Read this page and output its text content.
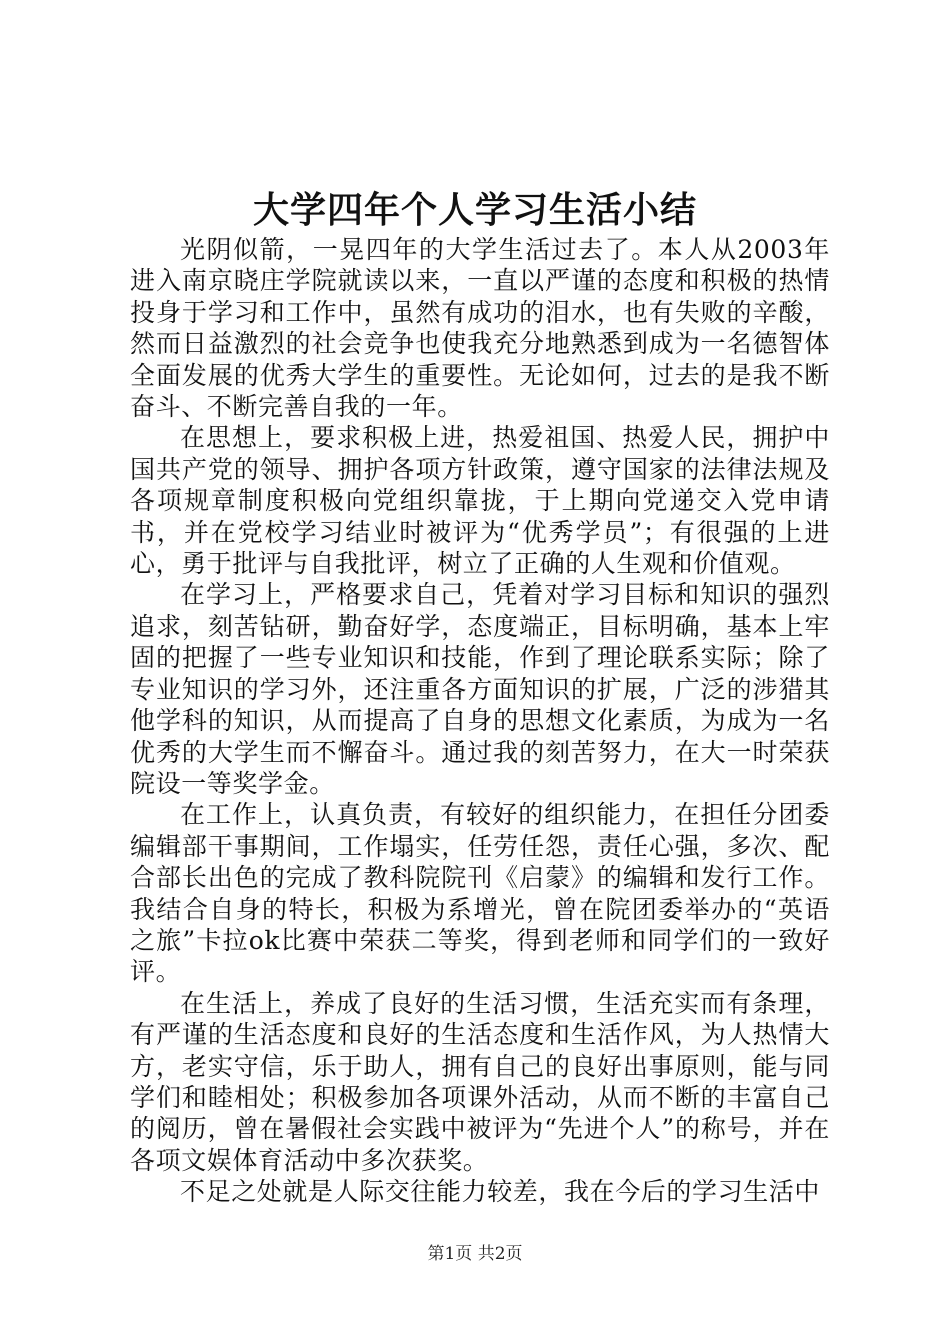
大学四年个人学习生活小结

光阴似箭，一晃四年的大学生活过去了。本人从2003年进入南京晓庄学院就读以来，一直以严谨的态度和积极的热情投身于学习和工作中，虽然有成功的泪水，也有失败的辛酸，然而日益激烈的社会竞争也使我充分地熟悉到成为一名德智体全面发展的优秀大学生的重要性。无论如何，过去的是我不断奋斗、不断完善自我的一年。

在思想上，要求积极上进，热爱祖国、热爱人民，拥护中国共产党的领导、拥护各项方针政策，遵守国家的法律法规及各项规章制度积极向党组织靠拢，于上期向党递交入党申请书，并在党校学习结业时被评为“优秀学员”；有很强的上进心，勇于批评与自我批评，树立了正确的人生观和价值观。

在学习上，严格要求自己，凭着对学习目标和知识的强烈追求，刻苦钻研，勤奋好学，态度端正，目标明确，基本上牢固的把握了一些专业知识和技能，作到了理论联系实际；除了专业知识的学习外，还注重各方面知识的扩展，广泛的涉猎其他学科的知识，从而提高了自身的思想文化素质，为成为一名优秀的大学生而不懈奋斗。通过我的刻苦努力，在大一时荣获院设一等奖学金。

在工作上，认真负责，有较好的组织能力，在担任分团委编辑部干事期间，工作塌实，任劳任怨，责任心强，多次、配合部长出色的完成了教科院院刊《启蒙》的编辑和发行工作。我结合自身的特长，积极为系增光，曾在院团委举办的“英语之旅”卡拉ok比赛中荣获二等奖，得到老师和同学们的一致好评。

在生活上，养成了良好的生活习惯，生活充实而有条理，有严谨的生活态度和良好的生活态度和生活作风，为人热情大方，老实守信，乐于助人，拥有自己的良好出事原则，能与同学们和睦相处；积极参加各项课外活动，从而不断的丰富自己的阅历，曾在暑假社会实践中被评为“先进个人”的称号，并在各项文娱体育活动中多次获奖。

不足之处就是人际交往能力较差，我在今后的学习生活中

第1页 共2页
